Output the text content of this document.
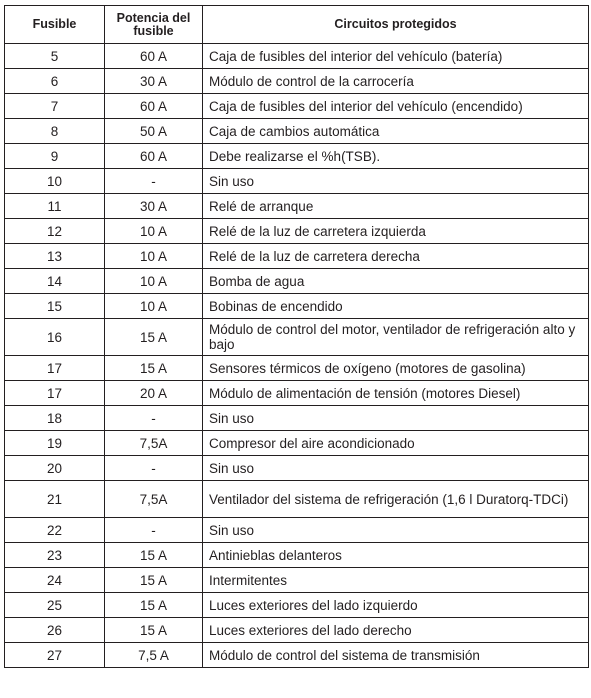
Fusible	Potencia del fusible	Circuitos protegidos
5	60 A	Caja de fusibles del interior del vehículo (batería)
6	30 A	Módulo de control de la carrocería
7	60 A	Caja de fusibles del interior del vehículo (encendido)
8	50 A	Caja de cambios automática
9	60 A	Debe realizarse el %h(TSB).
10	-	Sin uso
11	30 A	Relé de arranque
12	10 A	Relé de la luz de carretera izquierda
13	10 A	Relé de la luz de carretera derecha
14	10 A	Bomba de agua
15	10 A	Bobinas de encendido
16	15 A	Módulo de control del motor, ventilador de refrigeración alto y bajo
17	15 A	Sensores térmicos de oxígeno (motores de gasolina)
17	20 A	Módulo de alimentación de tensión (motores Diesel)
18	-	Sin uso
19	7,5A	Compresor del aire acondicionado
20	-	Sin uso
21	7,5A	Ventilador del sistema de refrigeración (1,6 l Duratorq-TDCi)
22	-	Sin uso
23	15 A	Antinieblas delanteros
24	15 A	Intermitentes
25	15 A	Luces exteriores del lado izquierdo
26	15 A	Luces exteriores del lado derecho
27	7,5 A	Módulo de control del sistema de transmisión
